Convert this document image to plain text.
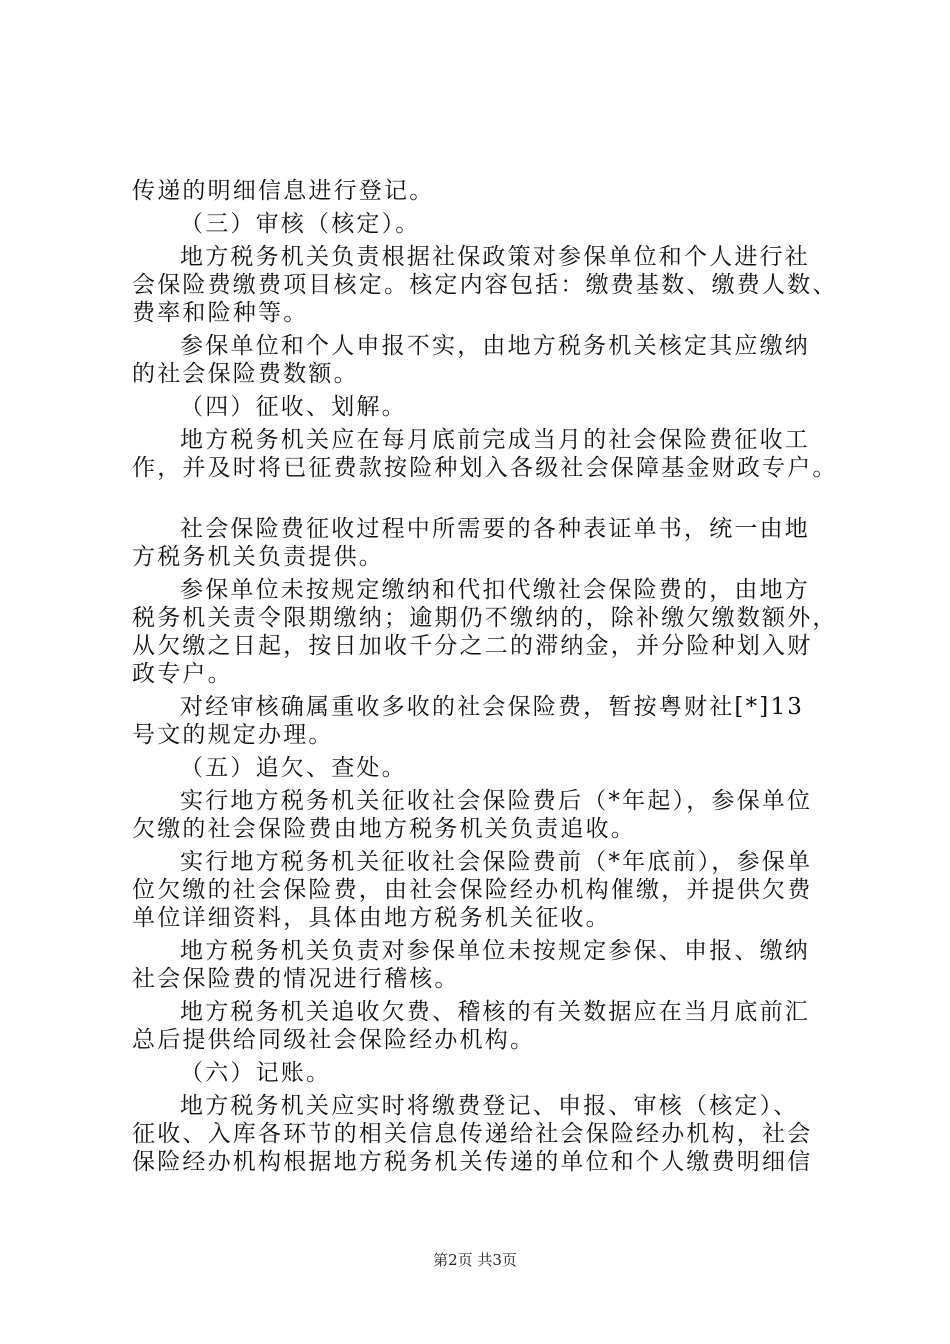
传递的明细信息进行登记。
（三）审核（核定）。
地方税务机关负责根据社保政策对参保单位和个人进行社
会保险费缴费项目核定。核定内容包括：缴费基数、缴费人数、
费率和险种等。
参保单位和个人申报不实，由地方税务机关核定其应缴纳
的社会保险费数额。
（四）征收、划解。
地方税务机关应在每月底前完成当月的社会保险费征收工
作，并及时将已征费款按险种划入各级社会保障基金财政专户。
社会保险费征收过程中所需要的各种表证单书，统一由地
方税务机关负责提供。
参保单位未按规定缴纳和代扣代缴社会保险费的，由地方
税务机关责令限期缴纳；逾期仍不缴纳的，除补缴欠缴数额外，
从欠缴之日起，按日加收千分之二的滞纳金，并分险种划入财
政专户。
对经审核确属重收多收的社会保险费，暂按粤财社[*]13
号文的规定办理。
（五）追欠、查处。
实行地方税务机关征收社会保险费后（*年起），参保单位
欠缴的社会保险费由地方税务机关负责追收。
实行地方税务机关征收社会保险费前（*年底前），参保单
位欠缴的社会保险费，由社会保险经办机构催缴，并提供欠费
单位详细资料，具体由地方税务机关征收。
地方税务机关负责对参保单位未按规定参保、申报、缴纳
社会保险费的情况进行稽核。
地方税务机关追收欠费、稽核的有关数据应在当月底前汇
总后提供给同级社会保险经办机构。
（六）记账。
地方税务机关应实时将缴费登记、申报、审核（核定）、
征收、入库各环节的相关信息传递给社会保险经办机构，社会
保险经办机构根据地方税务机关传递的单位和个人缴费明细信
第2页 共3页
